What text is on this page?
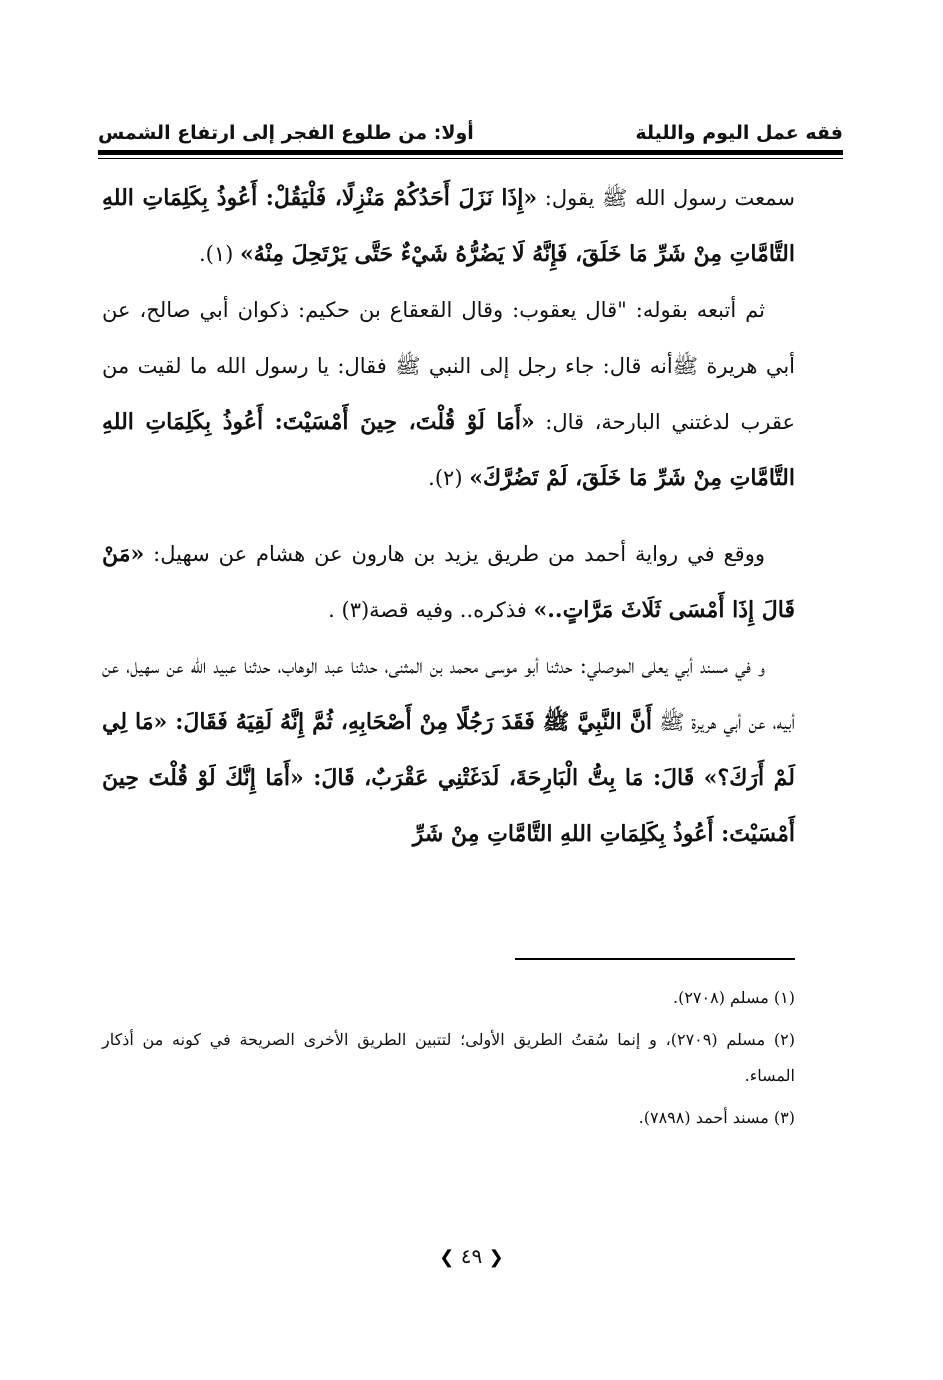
فقه عمل اليوم والليلة
أولا: من طلوع الفجر إلى ارتفاع الشمس

سمعت رسول الله ﷺ يقول: «إِذَا نَزَلَ أَحَدُكُمْ مَنْزِلًا، فَلْيَقُلْ: أَعُوذُ بِكَلِمَاتِ اللهِ التَّامَّاتِ مِنْ شَرِّ مَا خَلَقَ، فَإِنَّهُ لَا يَضُرُّهُ شَيْءٌ حَتَّى يَرْتَحِلَ مِنْهُ» (١).

ثم أتبعه بقوله: "قال يعقوب: وقال القعقاع بن حكيم: ذكوان أبي صالح، عن أبي هريرة ﷺأنه قال: جاء رجل إلى النبي ﷺ فقال: يا رسول الله ما لقيت من عقرب لدغتني البارحة، قال: «أَمَا لَوْ قُلْتَ، حِينَ أَمْسَيْتَ: أَعُوذُ بِكَلِمَاتِ اللهِ التَّامَّاتِ مِنْ شَرِّ مَا خَلَقَ، لَمْ تَضُرَّكَ» (٢).

ووقع في رواية أحمد من طريق يزيد بن هارون عن هشام عن سهيل: «مَنْ قَالَ إِذَا أَمْسَى ثَلَاثَ مَرَّاتٍ..» فذكره.. وفيه قصة(٣) .

و في مسند أبي يعلى الموصلي: حدثنا أبو موسى محمد بن المثنى، حدثنا عبد الوهاب، حدثنا عبيد الله عن سهيل، عن أبيه، عن أبي هريرة ﷺ أَنَّ النَّبِيَّ ﷺ فَقَدَ رَجُلًا مِنْ أَصْحَابِهِ، ثُمَّ إِنَّهُ لَقِيَهُ فَقَالَ: «مَا لِي لَمْ أَرَكَ؟» قَالَ: مَا بِتُّ الْبَارِحَةَ، لَدَغَتْنِي عَقْرَبٌ، قَالَ: «أَمَا إِنَّكَ لَوْ قُلْتَ حِينَ أَمْسَيْتَ: أَعُوذُ بِكَلِمَاتِ اللهِ التَّامَّاتِ مِنْ شَرِّ

(١) مسلم (٢٧٠٨).

(٢) مسلم (٢٧٠٩)، و إنما سُقتُ الطريق الأولى؛ لتتبين الطريق الأخرى الصريحة في كونه من أذكار المساء.

(٣) مسند أحمد (٧٨٩٨).

❮ ٤٩ ❯
